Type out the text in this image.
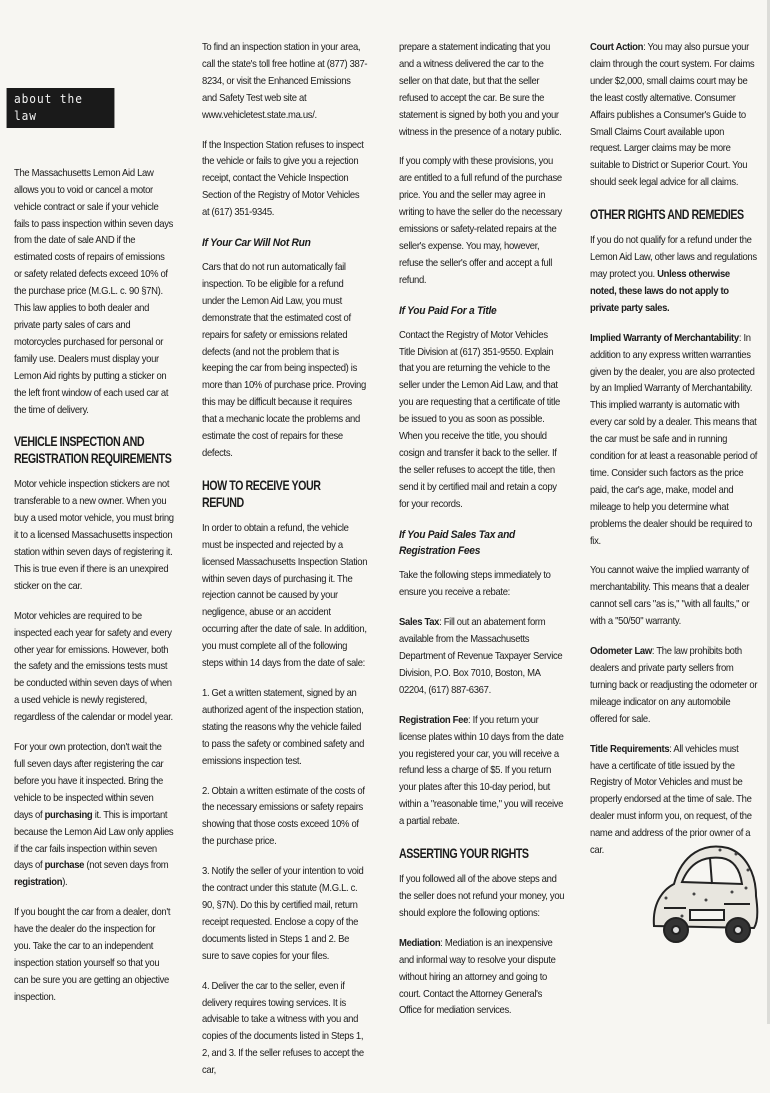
about the law

The Massachusetts Lemon Aid Law allows you to void or cancel a motor vehicle contract or sale if your vehicle fails to pass inspection within seven days from the date of sale AND if the estimated costs of repairs of emissions or safety related defects exceed 10% of the purchase price (M.G.L. c. 90 §7N). This law applies to both dealer and private party sales of cars and motorcycles purchased for personal or family use. Dealers must display your Lemon Aid rights by putting a sticker on the left front window of each used car at the time of delivery.

VEHICLE INSPECTION AND REGISTRATION REQUIREMENTS

Motor vehicle inspection stickers are not transferable to a new owner. When you buy a used motor vehicle, you must bring it to a licensed Massachusetts inspection station within seven days of registering it. This is true even if there is an unexpired sticker on the car.

Motor vehicles are required to be inspected each year for safety and every other year for emissions. However, both the safety and the emissions tests must be conducted within seven days of when a used vehicle is newly registered, regardless of the calendar or model year.

For your own protection, don't wait the full seven days after registering the car before you have it inspected. Bring the vehicle to be inspected within seven days of purchasing it. This is important because the Lemon Aid Law only applies if the car fails inspection within seven days of purchase (not seven days from registration).

If you bought the car from a dealer, don't have the dealer do the inspection for you. Take the car to an independent inspection station yourself so that you can be sure you are getting an objective inspection.

To find an inspection station in your area, call the state's toll free hotline at (877) 387-8234, or visit the Enhanced Emissions and Safety Test web site at www.vehicletest.state.ma.us/.

If the Inspection Station refuses to inspect the vehicle or fails to give you a rejection receipt, contact the Vehicle Inspection Section of the Registry of Motor Vehicles at (617) 351-9345.

If Your Car Will Not Run

Cars that do not run automatically fail inspection. To be eligible for a refund under the Lemon Aid Law, you must demonstrate that the estimated cost of repairs for safety or emissions related defects (and not the problem that is keeping the car from being inspected) is more than 10% of purchase price. Proving this may be difficult because it requires that a mechanic locate the problems and estimate the cost of repairs for these defects.

HOW TO RECEIVE YOUR REFUND

In order to obtain a refund, the vehicle must be inspected and rejected by a licensed Massachusetts Inspection Station within seven days of purchasing it. The rejection cannot be caused by your negligence, abuse or an accident occurring after the date of sale. In addition, you must complete all of the following steps within 14 days from the date of sale:

1. Get a written statement, signed by an authorized agent of the inspection station, stating the reasons why the vehicle failed to pass the safety or combined safety and emissions inspection test.

2. Obtain a written estimate of the costs of the necessary emissions or safety repairs showing that those costs exceed 10% of the purchase price.

3. Notify the seller of your intention to void the contract under this statute (M.G.L. c. 90, §7N). Do this by certified mail, return receipt requested. Enclose a copy of the documents listed in Steps 1 and 2. Be sure to save copies for your files.

4. Deliver the car to the seller, even if delivery requires towing services. It is advisable to take a witness with you and copies of the documents listed in Steps 1, 2, and 3. If the seller refuses to accept the car,

prepare a statement indicating that you and a witness delivered the car to the seller on that date, but that the seller refused to accept the car. Be sure the statement is signed by both you and your witness in the presence of a notary public.

If you comply with these provisions, you are entitled to a full refund of the purchase price. You and the seller may agree in writing to have the seller do the necessary emissions or safety-related repairs at the seller's expense. You may, however, refuse the seller's offer and accept a full refund.

If You Paid For a Title

Contact the Registry of Motor Vehicles Title Division at (617) 351-9550. Explain that you are returning the vehicle to the seller under the Lemon Aid Law, and that you are requesting that a certificate of title be issued to you as soon as possible. When you receive the title, you should cosign and transfer it back to the seller. If the seller refuses to accept the title, then send it by certified mail and retain a copy for your records.

If You Paid Sales Tax and Registration Fees

Take the following steps immediately to ensure you receive a rebate:

Sales Tax: Fill out an abatement form available from the Massachusetts Department of Revenue Taxpayer Service Division, P.O. Box 7010, Boston, MA 02204, (617) 887-6367.

Registration Fee: If you return your license plates within 10 days from the date you registered your car, you will receive a refund less a charge of $5. If you return your plates after this 10-day period, but within a "reasonable time," you will receive a partial rebate.

ASSERTING YOUR RIGHTS

If you followed all of the above steps and the seller does not refund your money, you should explore the following options:

Mediation: Mediation is an inexpensive and informal way to resolve your dispute without hiring an attorney and going to court. Contact the Attorney General's Office for mediation services.

Court Action: You may also pursue your claim through the court system. For claims under $2,000, small claims court may be the least costly alternative. Consumer Affairs publishes a Consumer's Guide to Small Claims Court available upon request. Larger claims may be more suitable to District or Superior Court. You should seek legal advice for all claims.

OTHER RIGHTS AND REMEDIES

If you do not qualify for a refund under the Lemon Aid Law, other laws and regulations may protect you. Unless otherwise noted, these laws do not apply to private party sales.

Implied Warranty of Merchantability: In addition to any express written warranties given by the dealer, you are also protected by an Implied Warranty of Merchantability. This implied warranty is automatic with every car sold by a dealer. This means that the car must be safe and in running condition for at least a reasonable period of time. Consider such factors as the price paid, the car's age, make, model and mileage to help you determine what problems the dealer should be required to fix.

You cannot waive the implied warranty of merchantability. This means that a dealer cannot sell cars "as is," "with all faults," or with a "50/50" warranty.

Odometer Law: The law prohibits both dealers and private party sellers from turning back or readjusting the odometer or mileage indicator on any automobile offered for sale.

Title Requirements: All vehicles must have a certificate of title issued by the Registry of Motor Vehicles and must be properly endorsed at the time of sale. The dealer must inform you, on request, of the name and address of the prior owner of a car.
